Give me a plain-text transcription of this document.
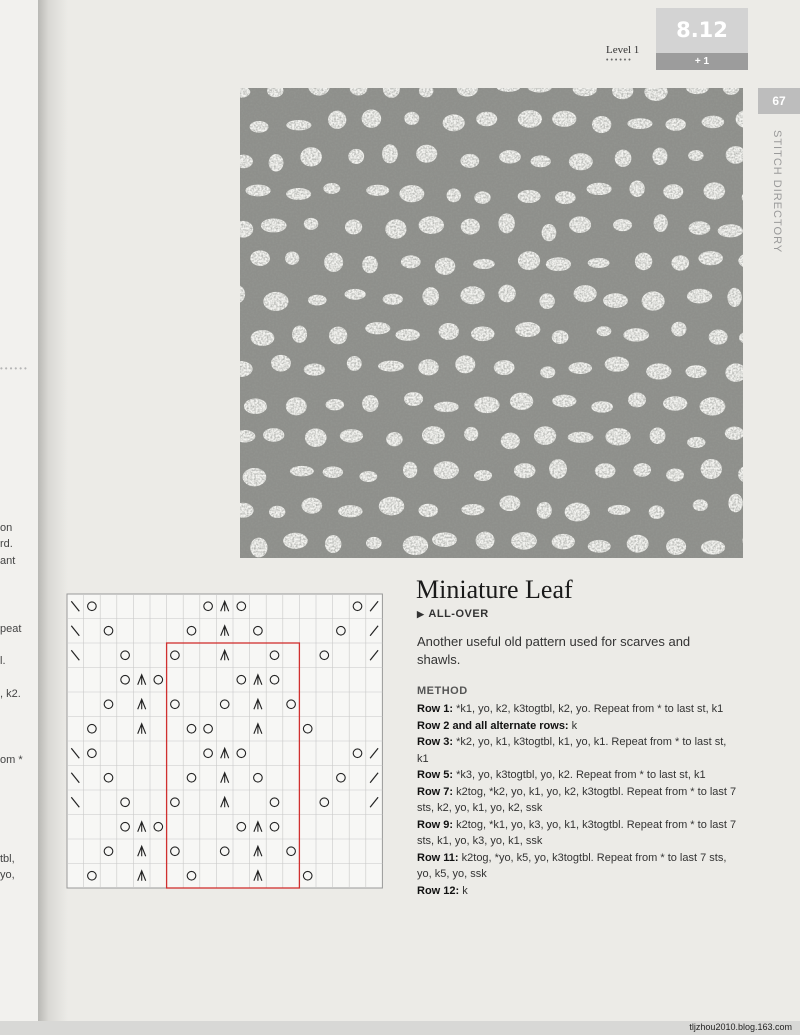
••••••
on
rd.
ant
peat
l.
, k2.
om *
tbl,
yo,
8.12
+ 1
Level 1
••••••
67
STITCH DIRECTORY
Miniature Leaf
▶ ALL-OVER
Another useful old pattern used for scarves and shawls.
METHOD
Row 1: *k1, yo, k2, k3togtbl, k2, yo. Repeat from * to last st, k1
Row 2 and all alternate rows: k
Row 3: *k2, yo, k1, k3togtbl, k1, yo, k1. Repeat from * to last st, k1
Row 5: *k3, yo, k3togtbl, yo, k2. Repeat from * to last st, k1
Row 7: k2tog, *k2, yo, k1, yo, k2, k3togtbl. Repeat from * to last 7 sts, k2, yo, k1, yo, k2, ssk
Row 9: k2tog, *k1, yo, k3, yo, k1, k3togtbl. Repeat from * to last 7 sts, k1, yo, k3, yo, k1, ssk
Row 11: k2tog, *yo, k5, yo, k3togtbl. Repeat from * to last 7 sts, yo, k5, yo, ssk
Row 12: k
tljzhou2010.blog.163.com
